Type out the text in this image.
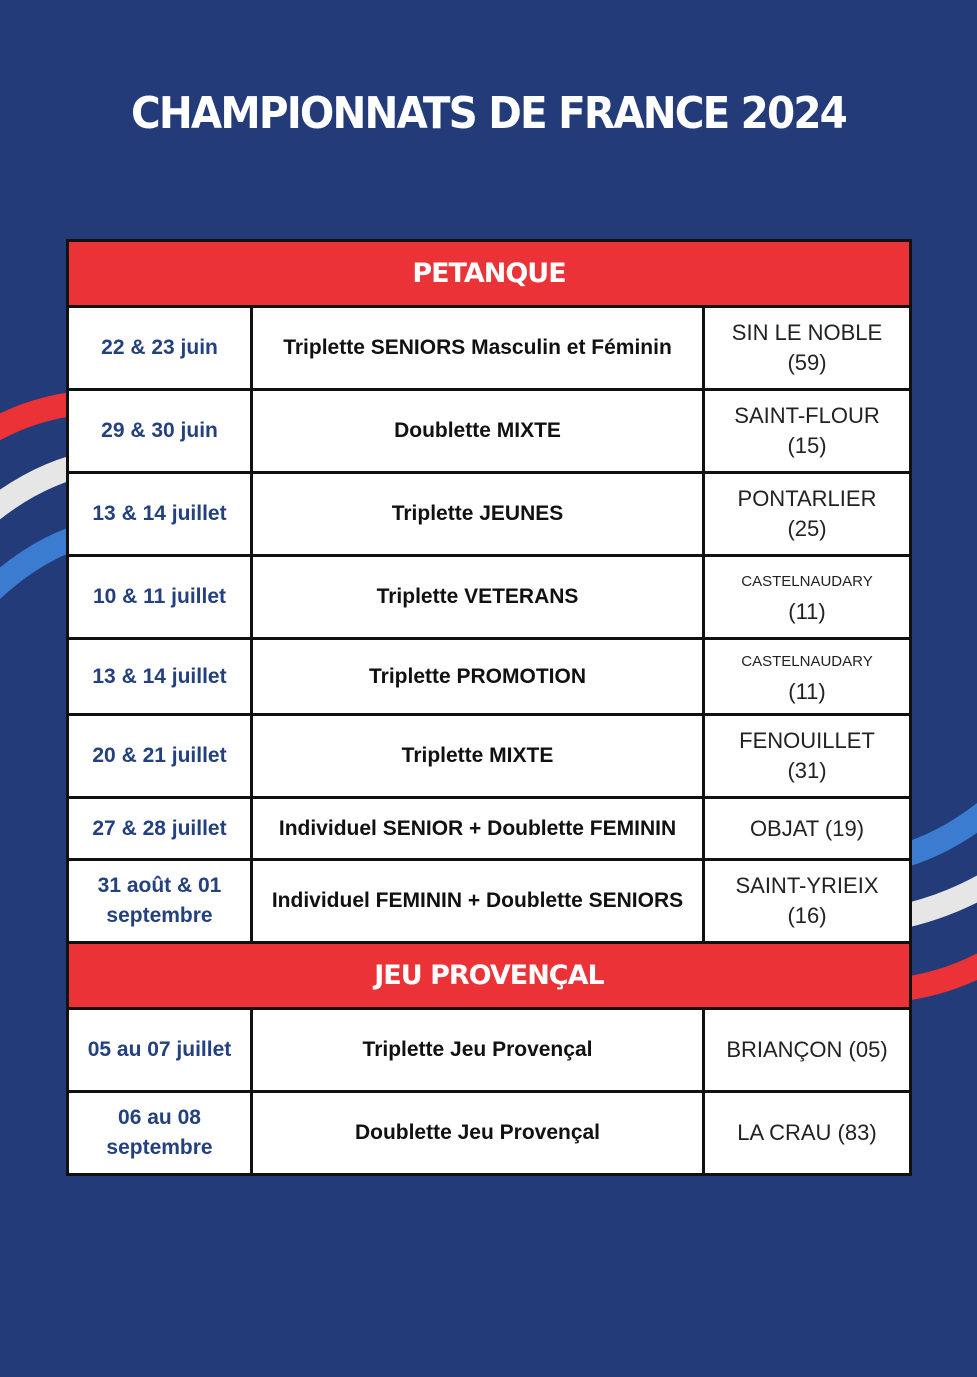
CHAMPIONNATS DE FRANCE 2024
PETANQUE		
22 & 23 juin	Triplette SENIORS Masculin et Féminin	SIN LE NOBLE
(59)
29 & 30 juin	Doublette MIXTE	SAINT-FLOUR
(15)
13 & 14 juillet	Triplette JEUNES	PONTARLIER
(25)
10 & 11 juillet	Triplette VETERANS	CASTELNAUDARY
(11)

13 & 14 juillet	Triplette PROMOTION	CASTELNAUDARY
(11)

20 & 21 juillet	Triplette MIXTE	FENOUILLET
(31)
27 & 28 juillet	Individuel SENIOR + Doublette FEMININ	OBJAT (19)
31 août & 01 septembre	Individuel FEMININ + Doublette SENIORS	SAINT-YRIEIX
(16)
JEU PROVENÇAL		
05 au 07 juillet	Triplette Jeu Provençal	BRIANÇON (05)
06 au 08 septembre	Doublette Jeu Provençal	LA CRAU (83)
